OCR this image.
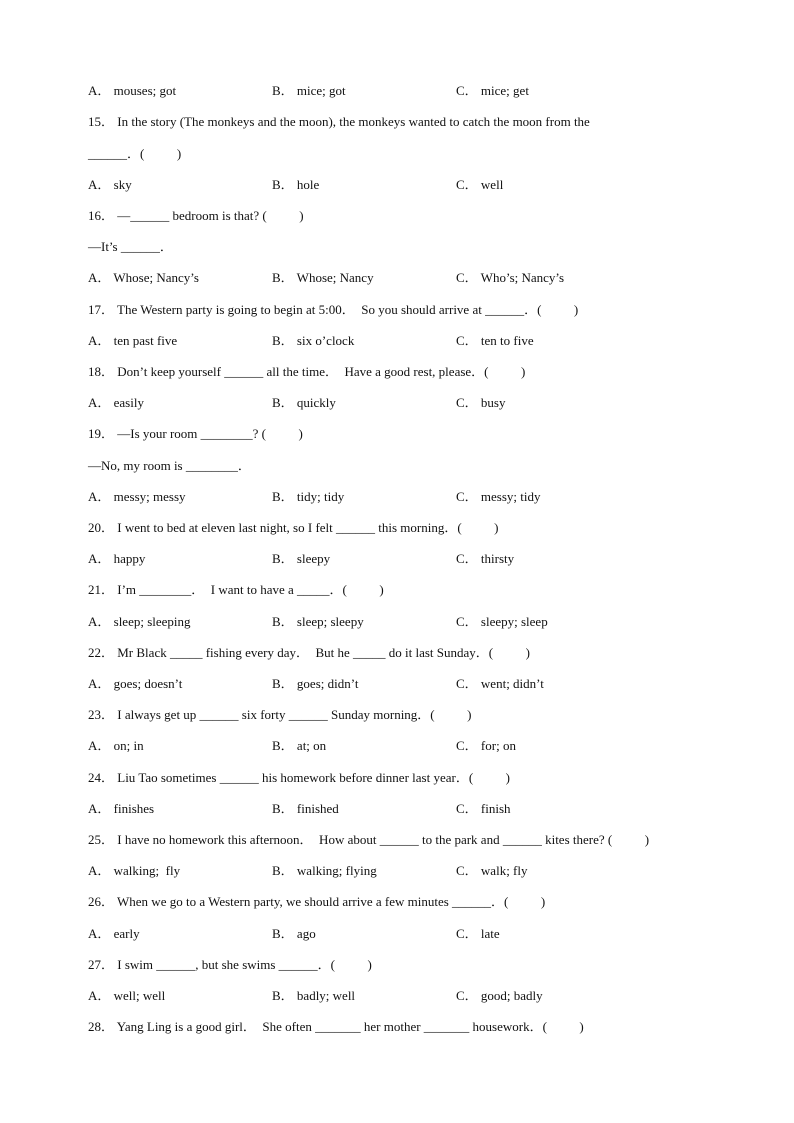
A． mouses; got	B． mice; got	C． mice; get
15． In the story (The monkeys and the moon), the monkeys wanted to catch the moon from the
______．(          )
A． sky	B． hole	C． well
16． —______ bedroom is that? (          )
—It’s ______．
A． Whose; Nancy’s	B． Whose; Nancy	C． Who’s; Nancy’s
17． The Western party is going to begin at 5:00．  So you should arrive at ______．(          )
A． ten past five	B． six o’clock	C． ten to five
18． Don’t keep yourself ______ all the time．  Have a good rest, please．(          )
A． easily	B． quickly	C． busy
19． —Is your room ________? (          )
—No, my room is ________．
A． messy; messy	B． tidy; tidy	C． messy; tidy
20． I went to bed at eleven last night, so I felt ______ this morning．(          )
A． happy	B． sleepy	C． thirsty
21． I’m ________．  I want to have a _____．(          )
A． sleep; sleeping	B． sleep; sleepy	C． sleepy; sleep
22． Mr Black _____ fishing every day．  But he _____ do it last Sunday．(          )
A． goes; doesn’t	B． goes; didn’t	C． went; didn’t
23． I always get up ______ six forty ______ Sunday morning．(          )
A． on; in	B． at; on	C． for; on
24． Liu Tao sometimes ______ his homework before dinner last year．(          )
A． finishes	B． finished	C． finish
25． I have no homework this afternoon．  How about ______ to the park and ______ kites there? (          )
A． walking;  fly	B． walking; flying	C． walk; fly
26． When we go to a Western party, we should arrive a few minutes ______．(          )
A． early	B． ago	C． late
27． I swim ______, but she swims ______．(          )
A． well; well	B． badly; well	C． good; badly
28． Yang Ling is a good girl．  She often _______ her mother _______ housework．(          )
